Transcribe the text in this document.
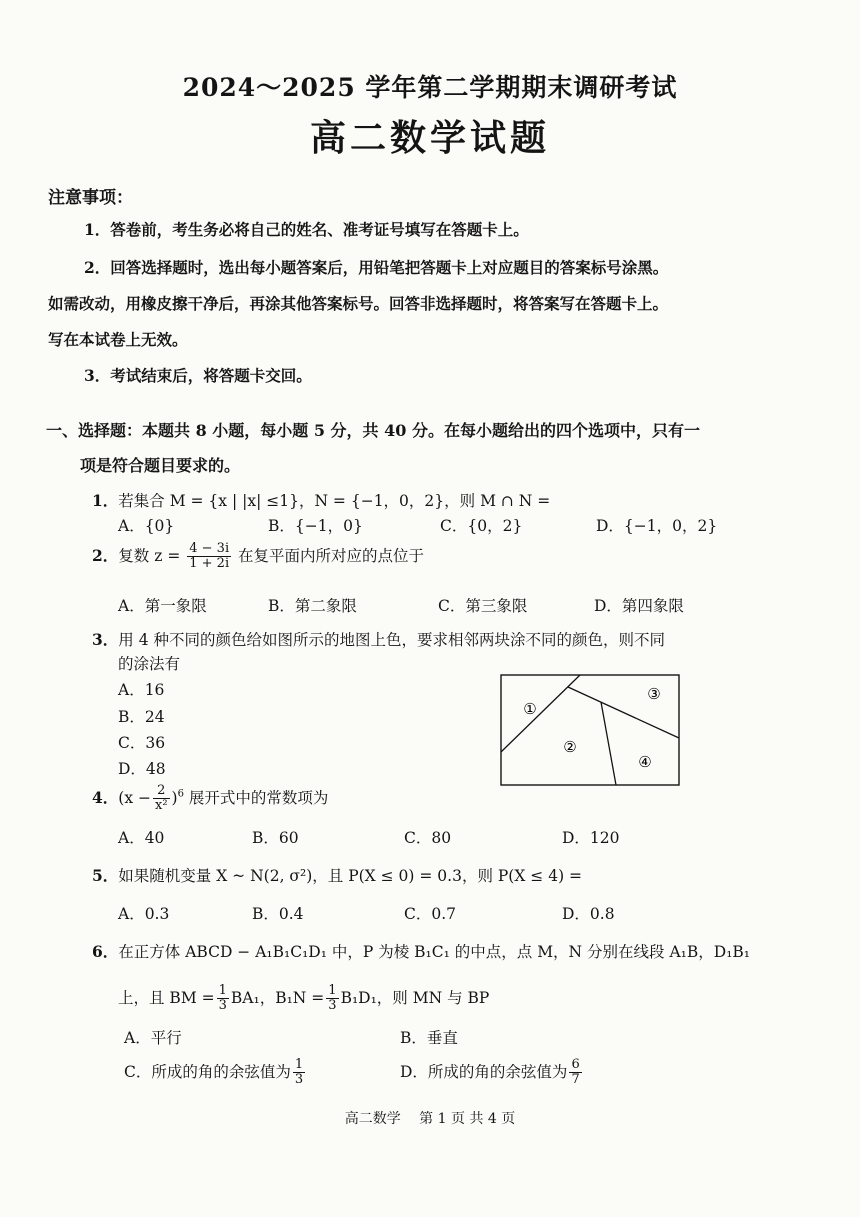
2024～2025 学年第二学期期末调研考试
高二数学试题
注意事项：
1．答卷前，考生务必将自己的姓名、准考证号填写在答题卡上。
2．回答选择题时，选出每小题答案后，用铅笔把答题卡上对应题目的答案标号涂黑。
如需改动，用橡皮擦干净后，再涂其他答案标号。回答非选择题时，将答案写在答题卡上。
写在本试卷上无效。
3．考试结束后，将答题卡交回。
一、选择题：本题共 8 小题，每小题 5 分，共 40 分。在每小题给出的四个选项中，只有一
项是符合题目要求的。
1．若集合 M = {x | |x| ≤1}，N = {−1，0，2}，则 M ∩ N =
A．{0}	B．{−1，0}	C．{0，2}	D．{−1，0，2}
2．复数 $z = \frac{4 - 3i}{1 + 2i}$ 在复平面内所对应的点位于
A．第一象限	B．第二象限	C．第三象限	D．第四象限
3．用 4 种不同的颜色给如图所示的地图上色，要求相邻两块涂不同的颜色，则不同
的涂法有
A．16
B．24
C．36
D．48
①
②
③
④
4．$(x - \frac{2}{\text{x²}} )^6$ 展开式中的常数项为
A．40	B．60	C．80	D．120
5．如果随机变量 X ~ N(2, σ²)，且 P(X ≤ 0) = 0.3，则 P(X ≤ 4) =
A．0.3	B．0.4	C．0.7	D．0.8
6．在正方体 ABCD − A₁B₁C₁D₁ 中，P 为棱 B₁C₁ 的中点，点 M，N 分别在线段 A₁B，D₁B₁
上，且 BM = $\frac{1}{3} BA_1$，$B_1N = \frac{1}{3} B_1D_1$，则 MN 与 BP
A．平行	B．垂直
C．所成的角的余弦值为 $\frac{1}{3}$	D．所成的角的余弦值为 $\frac{6}{7}$
高二数学　 第 1 页 共 4 页
